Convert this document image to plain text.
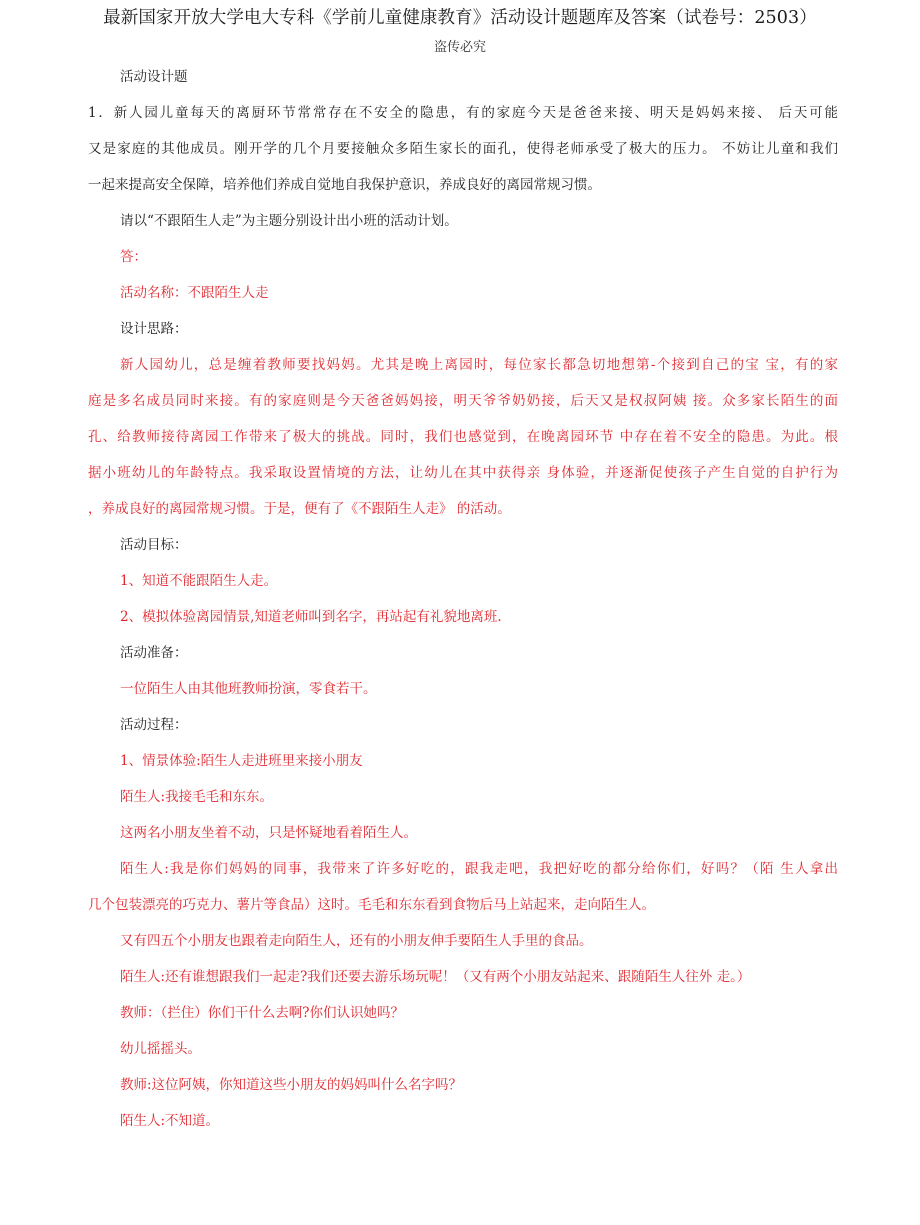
最新国家开放大学电大专科《学前儿童健康教育》活动设计题题库及答案（试卷号：2503）
盗传必究
活动设计题
1．新人园儿童每天的离厨环节常常存在不安全的隐患，有的家庭今天是爸爸来接、明天是妈妈来接、 后天可能
又是家庭的其他成员。刚开学的几个月要接触众多陌生家长的面孔，使得老师承受了极大的压力。 不妨让儿童和我们
一起来提高安全保障，培养他们养成自觉地自我保护意识，养成良好的离园常规习惯。
请以“不跟陌生人走”为主题分别设计出小班的活动计划。
答：
活动名称：不跟陌生人走
设计思路：
新人园幼儿，总是缠着教师要找妈妈。尤其是晚上离园时，每位家长都急切地想第-个接到自己的宝 宝，有的家
庭是多名成员同时来接。有的家庭则是今天爸爸妈妈接，明天爷爷奶奶接，后天又是权叔阿姨 接。众多家长陌生的面
孔、给教师接待离园工作带来了极大的挑战。同时，我们也感觉到，在晚离园环节 中存在着不安全的隐患。为此。根
据小班幼儿的年龄特点。我采取设置情境的方法，让幼儿在其中获得亲 身体验，并逐渐促使孩子产生自觉的自护行为
，养成良好的离园常规习惯。于是，便有了《不跟陌生人走》 的活动。
活动目标：
1、知道不能跟陌生人走。
2、模拟体验离园情景,知道老师叫到名字，再站起有礼貌地离班.
活动准备：
一位陌生人由其他班教师扮演，零食若干。
活动过程：
1、情景体验:陌生人走进班里来接小朋友
陌生人:我接毛毛和东东。
这两名小朋友坐着不动，只是怀疑地看着陌生人。
陌生人:我是你们妈妈的同事，我带来了许多好吃的，跟我走吧，我把好吃的都分给你们，好吗？（陌 生人拿出
几个包装漂亮的巧克力、薯片等食品）这时。毛毛和东东看到食物后马上站起来，走向陌生人。
又有四五个小朋友也跟着走向陌生人，还有的小朋友伸手要陌生人手里的食品。
陌生人:还有谁想跟我们一起走?我们还要去游乐场玩呢！（又有两个小朋友站起来、跟随陌生人往外 走。）
教师：（拦住）你们干什么去啊?你们认识她吗？
幼儿摇摇头。
教师:这位阿姨，你知道这些小朋友的妈妈叫什么名字吗？
陌生人:不知道。
